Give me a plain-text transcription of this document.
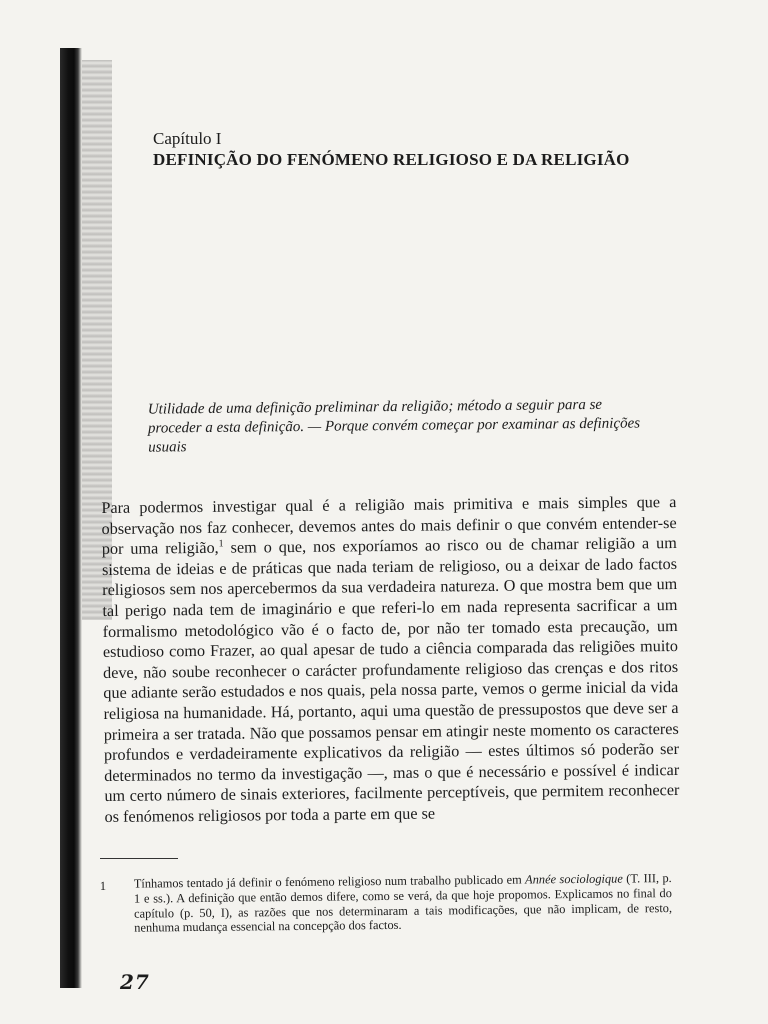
Capítulo I
DEFINIÇÃO DO FENÓMENO RELIGIOSO E DA RELIGIÃO
Utilidade de uma definição preliminar da religião; método a seguir para se proceder a esta definição. — Porque convém começar por examinar as definições usuais
Para podermos investigar qual é a religião mais primitiva e mais simples que a observação nos faz conhecer, devemos antes do mais definir o que convém entender-se por uma religião,$^1$ sem o que, nos exporíamos ao risco ou de chamar religião a um sistema de ideias e de práticas que nada teriam de religioso, ou a deixar de lado factos religiosos sem nos apercebermos da sua verdadeira natureza. O que mostra bem que um tal perigo nada tem de imaginário e que referi-lo em nada representa sacrificar a um formalismo metodológico vão é o facto de, por não ter tomado esta precaução, um estudioso como Frazer, ao qual apesar de tudo a ciência comparada das religiões muito deve, não soube reconhecer o carácter profundamente religioso das crenças e dos ritos que adiante serão estudados e nos quais, pela nossa parte, vemos o germe inicial da vida religiosa na humanidade. Há, portanto, aqui uma questão de pressupostos que deve ser a primeira a ser tratada. Não que possamos pensar em atingir neste momento os caracteres profundos e verdadeiramente explicativos da religião — estes últimos só poderão ser determinados no termo da investigação —, mas o que é necessário e possível é indicar um certo número de sinais exteriores, facilmente perceptíveis, que permitem reconhecer os fenómenos religiosos por toda a parte em que se
1	Tínhamos tentado já definir o fenómeno religioso num trabalho publicado em Année sociologique (T. III, p. 1 e ss.). A definição que então demos difere, como se verá, da que hoje propomos. Explicamos no final do capítulo (p. 50, I), as razões que nos determinaram a tais modificações, que não implicam, de resto, nenhuma mudança essencial na concepção dos factos.
27
